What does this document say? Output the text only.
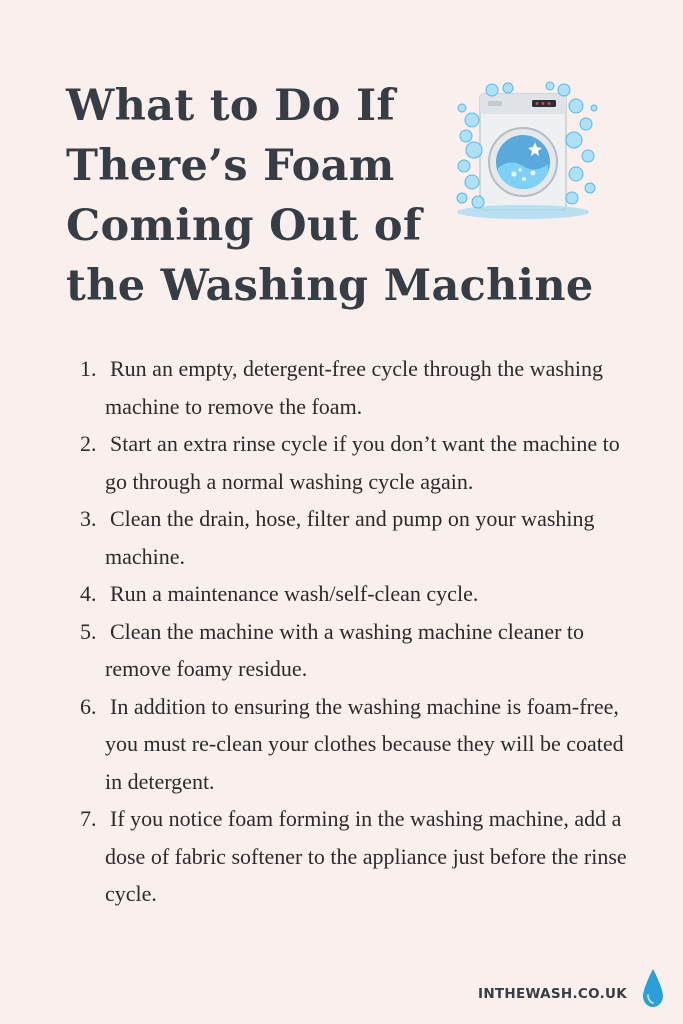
What to Do If
There’s Foam
Coming Out of
the Washing Machine
1. Run an empty, detergent-free cycle through the washing machine to remove the foam.
2. Start an extra rinse cycle if you don’t want the machine to go through a normal washing cycle again.
3. Clean the drain, hose, filter and pump on your washing machine.
4. Run a maintenance wash/self-clean cycle.
5. Clean the machine with a washing machine cleaner to remove foamy residue.
6. In addition to ensuring the washing machine is foam-free, you must re-clean your clothes because they will be coated in detergent.
7. If you notice foam forming in the washing machine, add a dose of fabric softener to the appliance just before the rinse cycle.
INTHEWASH.CO.UK
